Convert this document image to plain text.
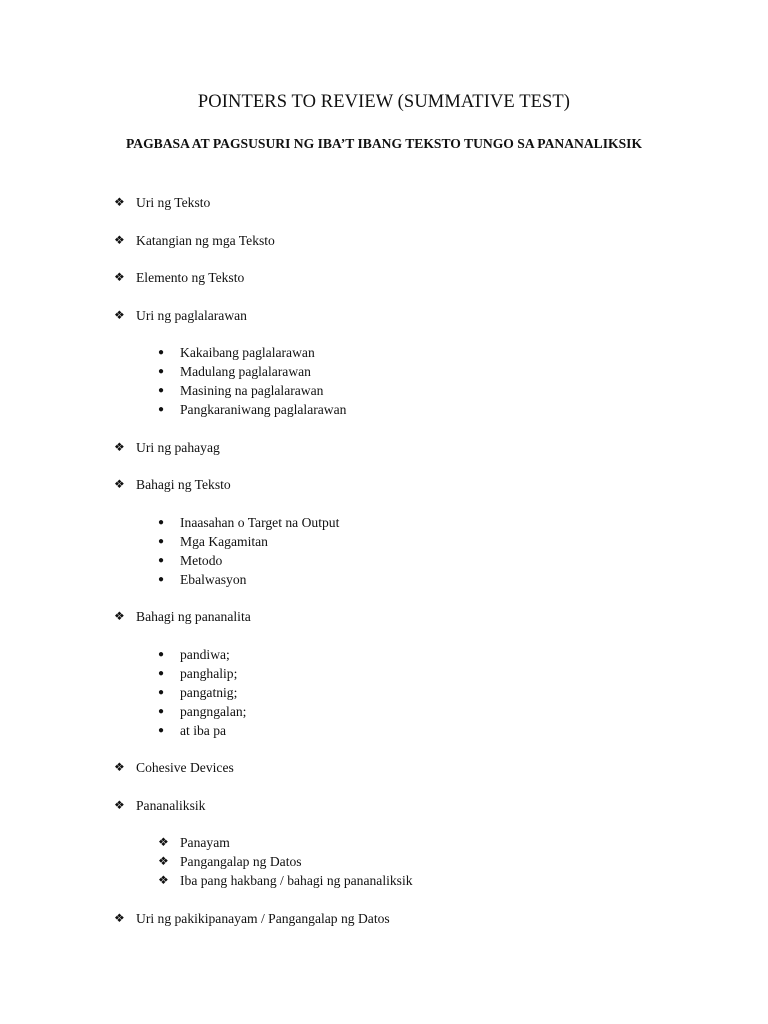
POINTERS TO REVIEW (SUMMATIVE TEST)
PAGBASA AT PAGSUSURI NG IBA’T IBANG TEKSTO TUNGO SA PANANALIKSIK
❖ Uri ng Teksto
❖ Katangian ng mga Teksto
❖ Elemento ng Teksto
❖ Uri ng paglalarawan
● Kakaibang paglalarawan
● Madulang paglalarawan
● Masining na paglalarawan
● Pangkaraniwang paglalarawan
❖ Uri ng pahayag
❖ Bahagi ng Teksto
● Inaasahan o Target na Output
● Mga Kagamitan
● Metodo
● Ebalwasyon
❖ Bahagi ng pananalita
● pandiwa;
● panghalip;
● pangatnig;
● pangngalan;
● at iba pa
❖ Cohesive Devices
❖ Pananaliksik
❖ Panayam
❖ Pangangalap ng Datos
❖ Iba pang hakbang / bahagi ng pananaliksik
❖ Uri ng pakikipanayam / Pangangalap ng Datos
